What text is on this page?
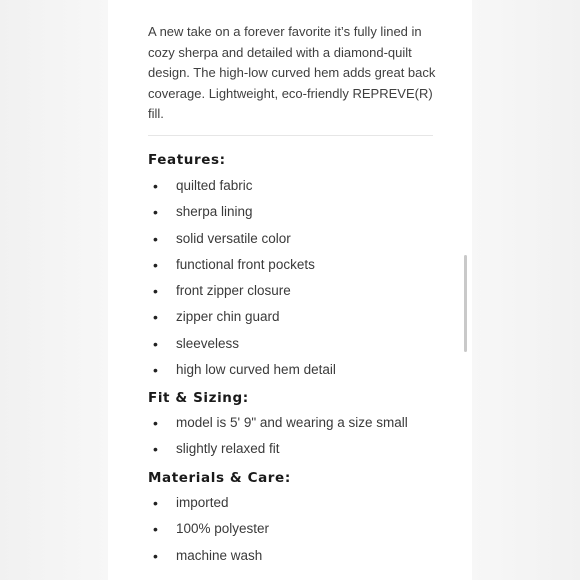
A new take on a forever favorite it’s fully lined in cozy sherpa and detailed with a diamond-quilt design. The high-low curved hem adds great back coverage. Lightweight, eco-friendly REPREVE(R) fill.

Features:
• quilted fabric
• sherpa lining
• solid versatile color
• functional front pockets
• front zipper closure
• zipper chin guard
• sleeveless
• high low curved hem detail
Fit & Sizing:
• model is 5' 9" and wearing a size small
• slightly relaxed fit
Materials & Care:
• imported
• 100% polyester
• machine wash
